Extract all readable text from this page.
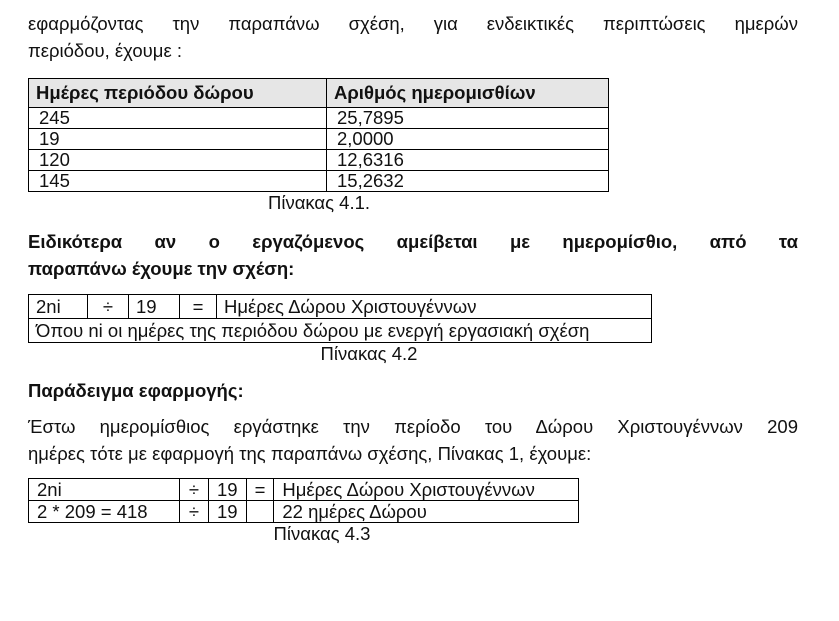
εφαρμόζοντας την παραπάνω σχέση, για ενδεικτικές περιπτώσεις ημερών

περιόδου, έχουμε :

Ημέρες περιόδου δώρου	Αριθμός ημερομισθίων
245	25,7895
19	2,0000
120	12,6316
145	15,2632
Πίνακας 4.1.

Ειδικότερα αν ο εργαζόμενος αμείβεται με ημερομίσθιο, από τα

παραπάνω έχουμε την σχέση:

2ni	÷	19	=	Ημέρες Δώρου Χριστουγέννων
Όπου ni οι ημέρες της περιόδου δώρου με ενεργή εργασιακή σχέση
Πίνακας 4.2

Παράδειγμα εφαρμογής:

Έστω ημερομίσθιος εργάστηκε την περίοδο του Δώρου Χριστουγέννων 209

ημέρες τότε με εφαρμογή της παραπάνω σχέσης, Πίνακας 1, έχουμε:

2ni	÷	19	=	Ημέρες Δώρου Χριστουγέννων
2 * 209 = 418	÷	19		22 ημέρες Δώρου
Πίνακας 4.3
